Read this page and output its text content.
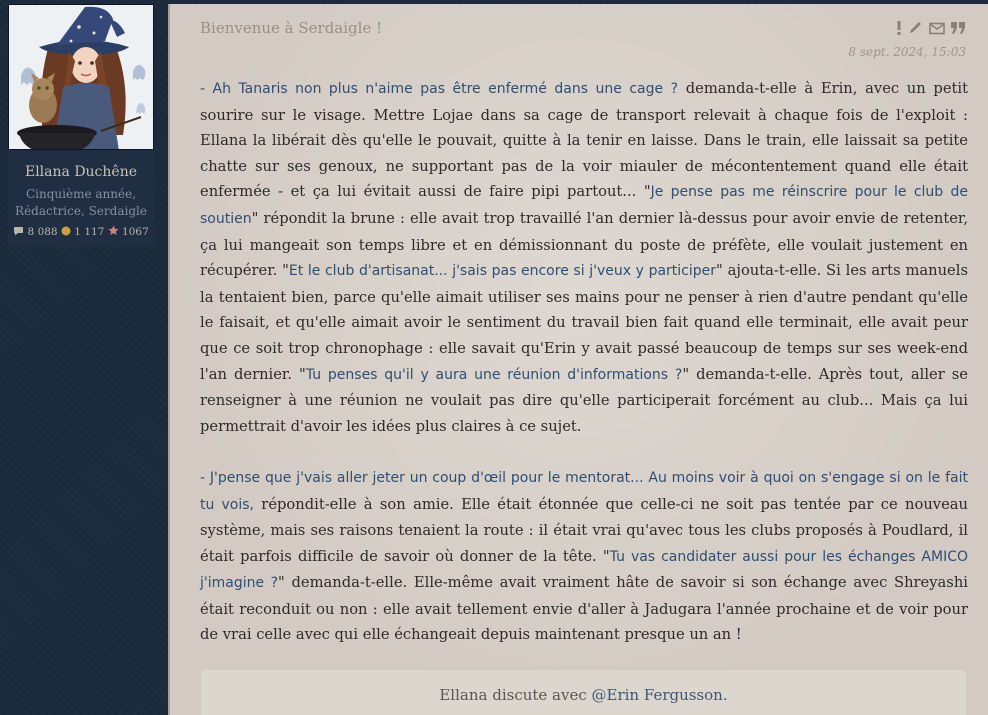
Ellana Duchêne
Cinquième année,
Rédactrice, Serdaigle
8 088 1 117 1067
Bienvenue à Serdaigle !
8 sept. 2024, 15:03

- Ah Tanaris non plus n'aime pas être enfermé dans une cage ? demanda-t-elle à Erin, avec un petit sourire sur le visage. Mettre Lojae dans sa cage de transport relevait à chaque fois de l'exploit : Ellana la libérait dès qu'elle le pouvait, quitte à la tenir en laisse. Dans le train, elle laissait sa petite chatte sur ses genoux, ne supportant pas de la voir miauler de mécontentement quand elle était enfermée - et ça lui évitait aussi de faire pipi partout... "Je pense pas me réinscrire pour le club de soutien" répondit la brune : elle avait trop travaillé l'an dernier là-dessus pour avoir envie de retenter, ça lui mangeait son temps libre et en démissionnant du poste de préfète, elle voulait justement en récupérer. "Et le club d'artisanat... j'sais pas encore si j'veux y participer" ajouta-t-elle. Si les arts manuels la tentaient bien, parce qu'elle aimait utiliser ses mains pour ne penser à rien d'autre pendant qu'elle le faisait, et qu'elle aimait avoir le sentiment du travail bien fait quand elle terminait, elle avait peur que ce soit trop chronophage : elle savait qu'Erin y avait passé beaucoup de temps sur ses week-end l'an dernier. "Tu penses qu'il y aura une réunion d'informations ?" demanda-t-elle. Après tout, aller se renseigner à une réunion ne voulait pas dire qu'elle participerait forcément au club... Mais ça lui permettrait d'avoir les idées plus claires à ce sujet.

- J'pense que j'vais aller jeter un coup d'œil pour le mentorat... Au moins voir à quoi on s'engage si on le fait tu vois, répondit-elle à son amie. Elle était étonnée que celle-ci ne soit pas tentée par ce nouveau système, mais ses raisons tenaient la route : il était vrai qu'avec tous les clubs proposés à Poudlard, il était parfois difficile de savoir où donner de la tête. "Tu vas candidater aussi pour les échanges AMICO j'imagine ?" demanda-t-elle. Elle-même avait vraiment hâte de savoir si son échange avec Shreyashi était reconduit ou non : elle avait tellement envie d'aller à Jadugara l'année prochaine et de voir pour de vrai celle avec qui elle échangeait depuis maintenant presque un an !

Ellana discute avec @Erin Fergusson.
